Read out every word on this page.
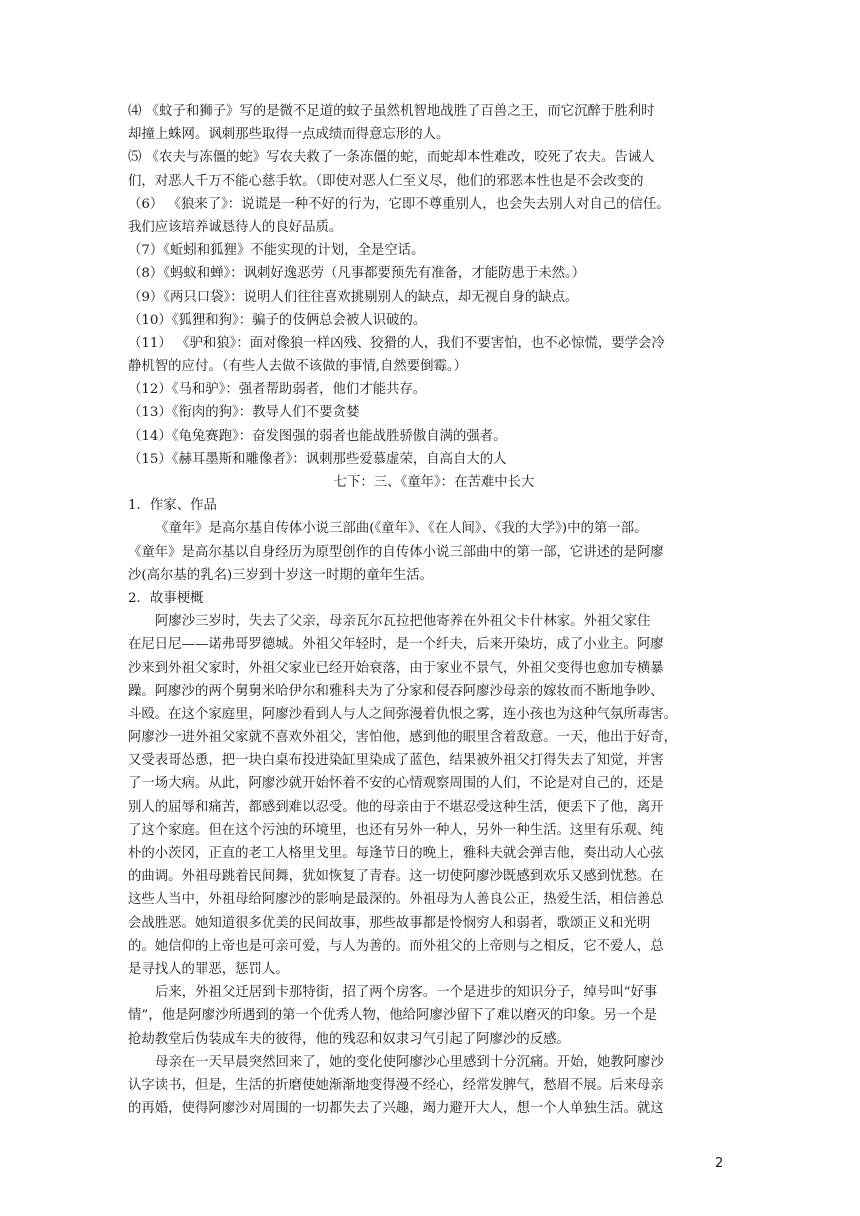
⑷ 《蚊子和狮子》写的是微不足道的蚊子虽然机智地战胜了百兽之王，而它沉醉于胜利时
却撞上蛛网。讽刺那些取得一点成绩而得意忘形的人。
⑸ 《农夫与冻僵的蛇》写农夫救了一条冻僵的蛇，而蛇却本性难改，咬死了农夫。告诫人
们，对恶人千万不能心慈手软。（即使对恶人仁至义尽，他们的邪恶本性也是不会改变的
（6） 《狼来了》：说谎是一种不好的行为，它即不尊重别人，也会失去别人对自己的信任。
我们应该培养诚恳待人的良好品质。
（7）《蚯蚓和狐狸》不能实现的计划，全是空话。
（8）《蚂蚁和蝉》：讽刺好逸恶劳（凡事都要预先有准备，才能防患于未然。）
（9）《两只口袋》：说明人们往往喜欢挑剔别人的缺点，却无视自身的缺点。
（10）《狐狸和狗》：骗子的伎俩总会被人识破的。
（11） 《驴和狼》：面对像狼一样凶残、狡猾的人，我们不要害怕，也不必惊慌，要学会冷
静机智的应付。（有些人去做不该做的事情,自然要倒霉。）
（12）《马和驴》：强者帮助弱者，他们才能共存。
（13）《衔肉的狗》：教导人们不要贪婪
（14）《龟兔赛跑》：奋发图强的弱者也能战胜骄傲自满的强者。
（15）《赫耳墨斯和雕像者》：讽刺那些爱慕虚荣，自高自大的人
七下：三、《童年》：在苦难中长大
1．作家、作品
《童年》是高尔基自传体小说三部曲(《童年》、《在人间》、《我的大学》)中的第一部。
《童年》是高尔基以自身经历为原型创作的自传体小说三部曲中的第一部，它讲述的是阿廖
沙(高尔基的乳名)三岁到十岁这一时期的童年生活。
2．故事梗概
阿廖沙三岁时，失去了父亲，母亲瓦尔瓦拉把他寄养在外祖父卡什林家。外祖父家住
在尼日尼——诺弗哥罗德城。外祖父年轻时，是一个纤夫，后来开染坊，成了小业主。阿廖
沙来到外祖父家时，外祖父家业已经开始衰落，由于家业不景气，外祖父变得也愈加专横暴
躁。阿廖沙的两个舅舅米哈伊尔和雅科夫为了分家和侵吞阿廖沙母亲的嫁妆而不断地争吵、
斗殴。在这个家庭里，阿廖沙看到人与人之间弥漫着仇恨之雾，连小孩也为这种气氛所毒害。
阿廖沙一进外祖父家就不喜欢外祖父，害怕他，感到他的眼里含着敌意。一天，他出于好奇，
又受表哥怂恿，把一块白桌布投进染缸里染成了蓝色，结果被外祖父打得失去了知觉，并害
了一场大病。从此，阿廖沙就开始怀着不安的心情观察周围的人们，不论是对自己的，还是
别人的屈辱和痛苦，都感到难以忍受。他的母亲由于不堪忍受这种生活，便丢下了他，离开
了这个家庭。但在这个污浊的环境里，也还有另外一种人，另外一种生活。这里有乐观、纯
朴的小茨冈，正直的老工人格里戈里。每逢节日的晚上，雅科夫就会弹吉他，奏出动人心弦
的曲调。外祖母跳着民间舞，犹如恢复了青春。这一切使阿廖沙既感到欢乐又感到忧愁。在
这些人当中，外祖母给阿廖沙的影响是最深的。外祖母为人善良公正，热爱生活，相信善总
会战胜恶。她知道很多优美的民间故事，那些故事都是怜悯穷人和弱者，歌颂正义和光明
的。她信仰的上帝也是可亲可爱，与人为善的。而外祖父的上帝则与之相反，它不爱人，总
是寻找人的罪恶，惩罚人。
后来，外祖父迁居到卡那特街，招了两个房客。一个是进步的知识分子，绰号叫“好事
情”，他是阿廖沙所遇到的第一个优秀人物，他给阿廖沙留下了难以磨灭的印象。另一个是
抢劫教堂后伪装成车夫的彼得，他的残忍和奴隶习气引起了阿廖沙的反感。
母亲在一天早晨突然回来了，她的变化使阿廖沙心里感到十分沉痛。开始，她教阿廖沙
认字读书，但是，生活的折磨使她渐渐地变得漫不经心，经常发脾气，愁眉不展。后来母亲
的再婚，使得阿廖沙对周围的一切都失去了兴趣，竭力避开大人，想一个人单独生活。就这
2
